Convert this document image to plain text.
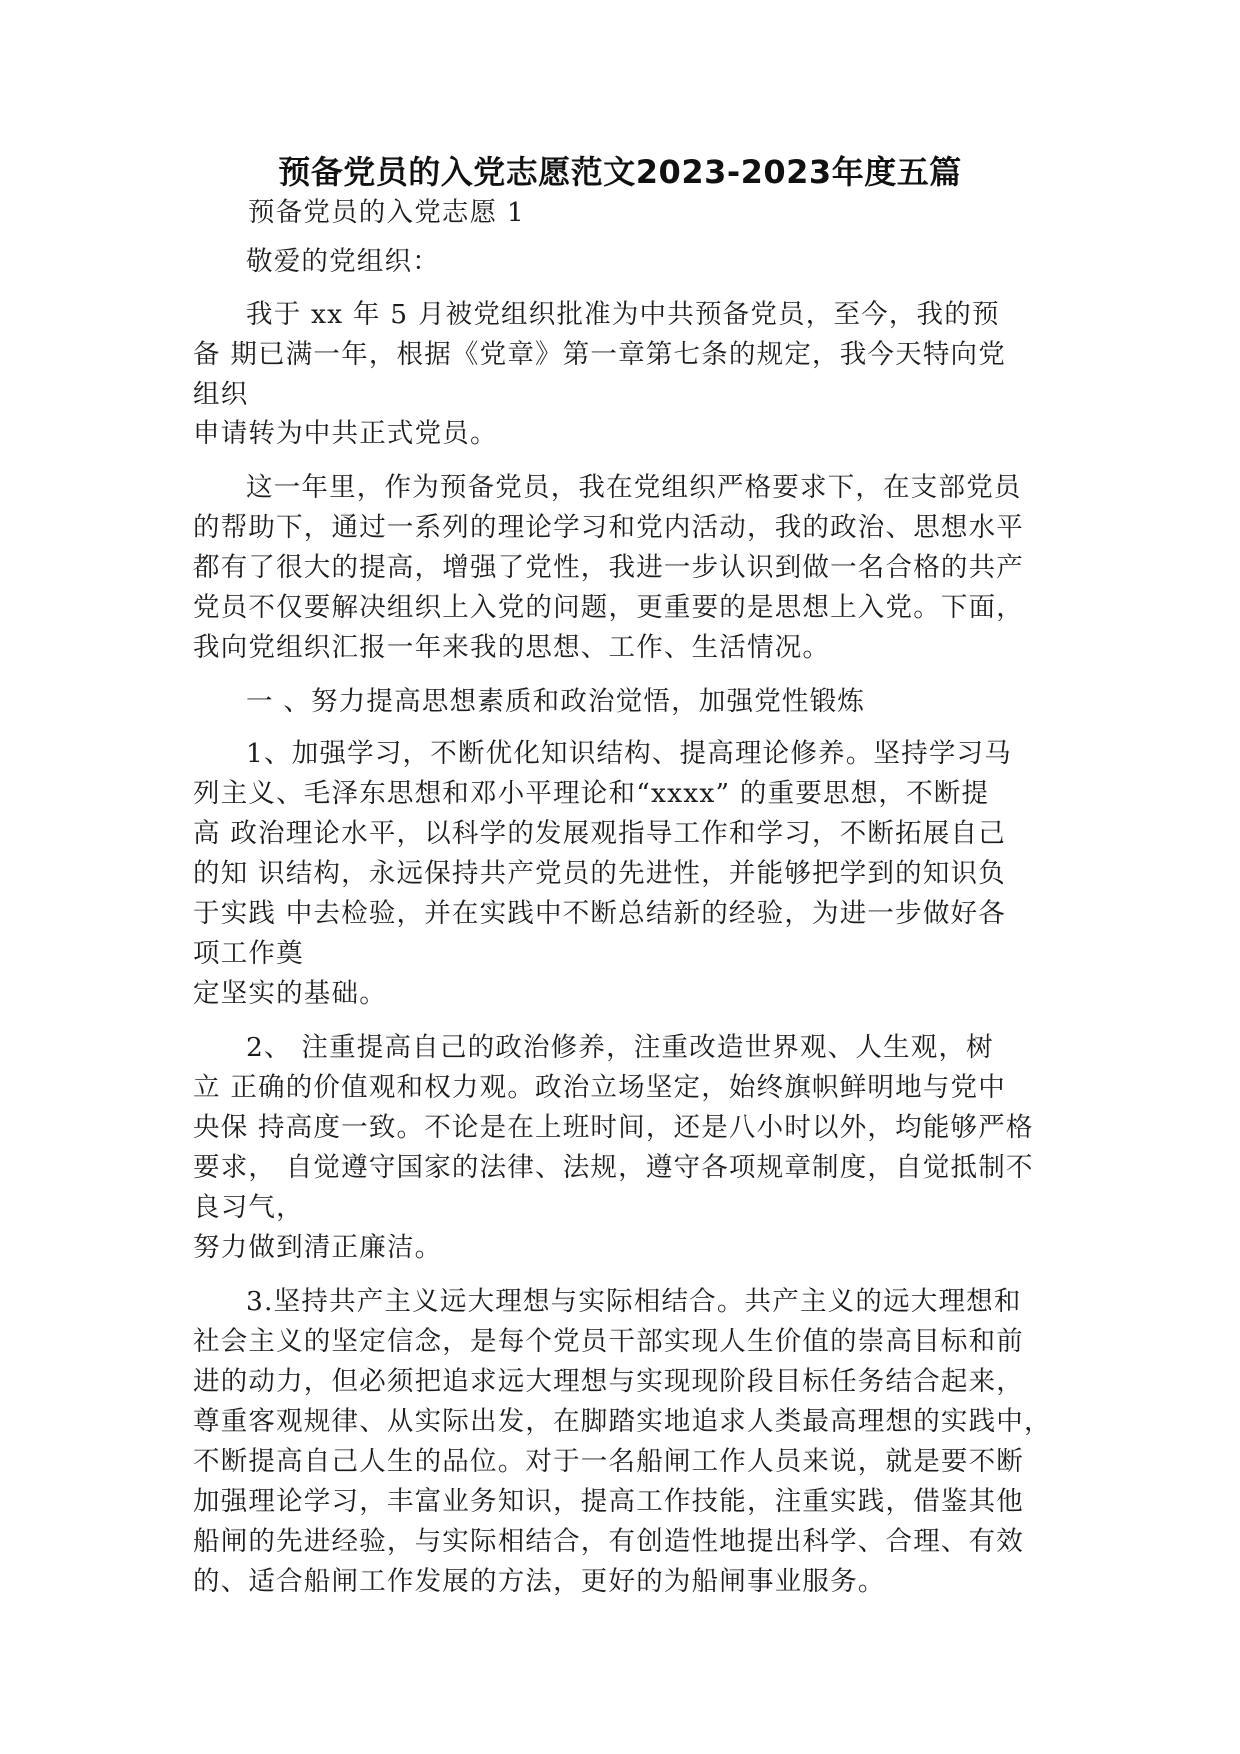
预备党员的入党志愿范文2023-2023年度五篇

预备党员的入党志愿 1

敬爱的党组织：

我于 xx 年 5 月被党组织批准为中共预备党员，至今，我的预

备 期已满一年，根据《党章》第一章第七条的规定，我今天特向党

组织

申请转为中共正式党员。

这一年里，作为预备党员，我在党组织严格要求下，在支部党员

的帮助下，通过一系列的理论学习和党内活动，我的政治、思想水平

都有了很大的提高，增强了党性，我进一步认识到做一名合格的共产

党员不仅要解决组织上入党的问题，更重要的是思想上入党。下面，

我向党组织汇报一年来我的思想、工作、生活情况。

一 、努力提高思想素质和政治觉悟，加强党性锻炼

1、加强学习，不断优化知识结构、提高理论修养。坚持学习马

列主义、毛泽东思想和邓小平理论和“xxxx” 的重要思想，不断提

高 政治理论水平，以科学的发展观指导工作和学习，不断拓展自己

的知 识结构，永远保持共产党员的先进性，并能够把学到的知识负

于实践 中去检验，并在实践中不断总结新的经验，为进一步做好各

项工作奠

定坚实的基础。

2、 注重提高自己的政治修养，注重改造世界观、人生观，树

立 正确的价值观和权力观。政治立场坚定，始终旗帜鲜明地与党中

央保 持高度一致。不论是在上班时间，还是八小时以外，均能够严格

要求， 自觉遵守国家的法律、法规，遵守各项规章制度，自觉抵制不

良习气，

努力做到清正廉洁。

3.坚持共产主义远大理想与实际相结合。共产主义的远大理想和

社会主义的坚定信念，是每个党员干部实现人生价值的崇高目标和前

进的动力，但必须把追求远大理想与实现现阶段目标任务结合起来，

尊重客观规律、从实际出发，在脚踏实地追求人类最高理想的实践中，

不断提高自己人生的品位。对于一名船闸工作人员来说，就是要不断

加强理论学习，丰富业务知识，提高工作技能，注重实践，借鉴其他

船闸的先进经验，与实际相结合，有创造性地提出科学、合理、有效

的、适合船闸工作发展的方法，更好的为船闸事业服务。
